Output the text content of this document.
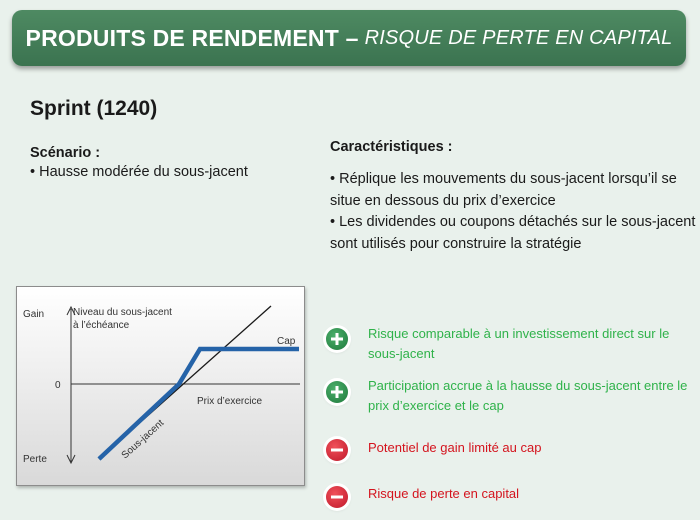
PRODUITS DE RENDEMENT – RISQUE DE PERTE EN CAPITAL
Sprint (1240)
Scénario :
• Hausse modérée du sous-jacent
Caractéristiques :
• Réplique les mouvements du sous-jacent lorsqu’il se situe en dessous du prix d’exercice
• Les dividendes ou coupons détachés sur le sous-jacent sont utilisés pour construire la stratégie
Gain
0
Perte
Niveau du sous-jacent
à l’échéance
Cap
Prix d’exercice
Sous-jacent
Risque comparable à un investissement direct sur le sous-jacent
Participation accrue à la hausse du sous-jacent entre le prix d’exercice et le cap
Potentiel de gain limité au cap
Risque de perte en capital
